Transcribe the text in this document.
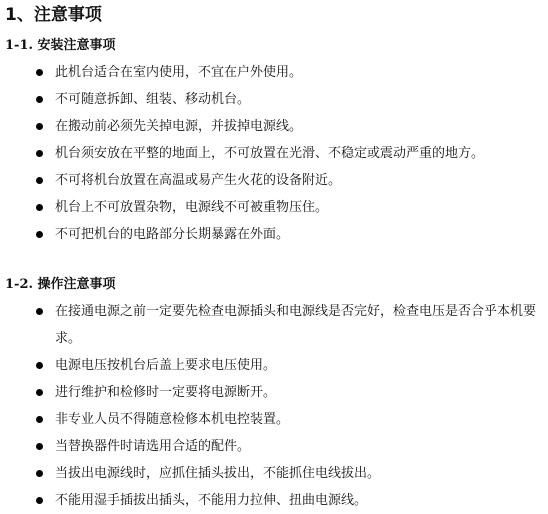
1、注意事项
1-1. 安装注意事项
此机台适合在室内使用，不宜在户外使用。
不可随意拆卸、组装、移动机台。
在搬动前必须先关掉电源，并拔掉电源线。
机台须安放在平整的地面上，不可放置在光滑、不稳定或震动严重的地方。
不可将机台放置在高温或易产生火花的设备附近。
机台上不可放置杂物，电源线不可被重物压住。
不可把机台的电路部分长期暴露在外面。
1-2. 操作注意事项
在接通电源之前一定要先检查电源插头和电源线是否完好，检查电压是否合乎本机要求。
电源电压按机台后盖上要求电压使用。
进行维护和检修时一定要将电源断开。
非专业人员不得随意检修本机电控装置。
当替换器件时请选用合适的配件。
当拔出电源线时，应抓住插头拔出，不能抓住电线拔出。
不能用湿手插拔出插头，不能用力拉伸、扭曲电源线。
